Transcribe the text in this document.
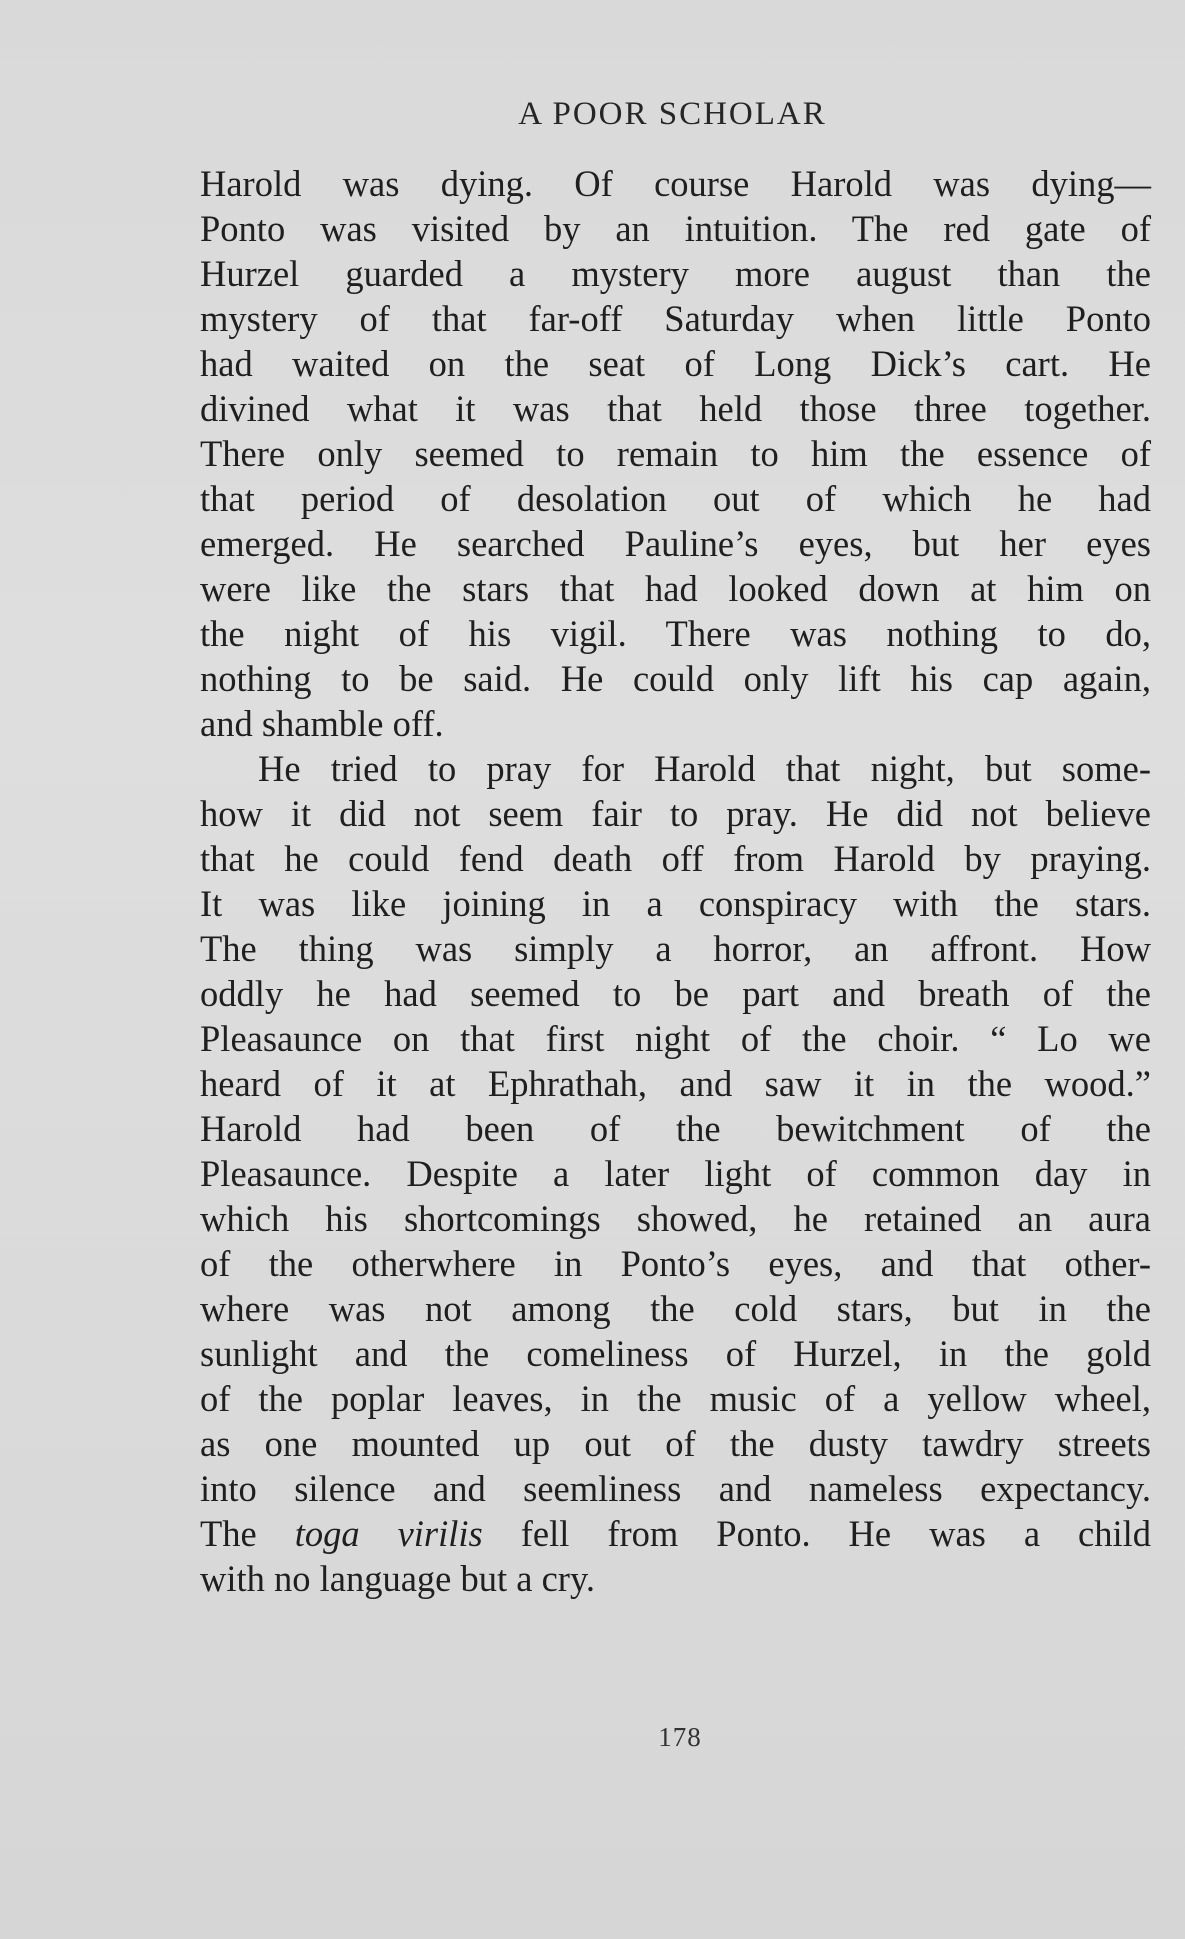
A POOR SCHOLAR

Harold was dying. Of course Harold was dying—
Ponto was visited by an intuition. The red gate of
Hurzel guarded a mystery more august than the
mystery of that far-off Saturday when little Ponto
had waited on the seat of Long Dick’s cart. He
divined what it was that held those three together.
There only seemed to remain to him the essence of
that period of desolation out of which he had
emerged. He searched Pauline’s eyes, but her eyes
were like the stars that had looked down at him on
the night of his vigil. There was nothing to do,
nothing to be said. He could only lift his cap again,
and shamble off.

He tried to pray for Harold that night, but some-
how it did not seem fair to pray. He did not believe
that he could fend death off from Harold by praying.
It was like joining in a conspiracy with the stars.
The thing was simply a horror, an affront. How
oddly he had seemed to be part and breath of the
Pleasaunce on that first night of the choir. “ Lo we
heard of it at Ephrathah, and saw it in the wood.”
Harold had been of the bewitchment of the
Pleasaunce. Despite a later light of common day in
which his shortcomings showed, he retained an aura
of the otherwhere in Ponto’s eyes, and that other-
where was not among the cold stars, but in the
sunlight and the comeliness of Hurzel, in the gold
of the poplar leaves, in the music of a yellow wheel,
as one mounted up out of the dusty tawdry streets
into silence and seemliness and nameless expectancy.
The toga virilis fell from Ponto. He was a child
with no language but a cry.

178
